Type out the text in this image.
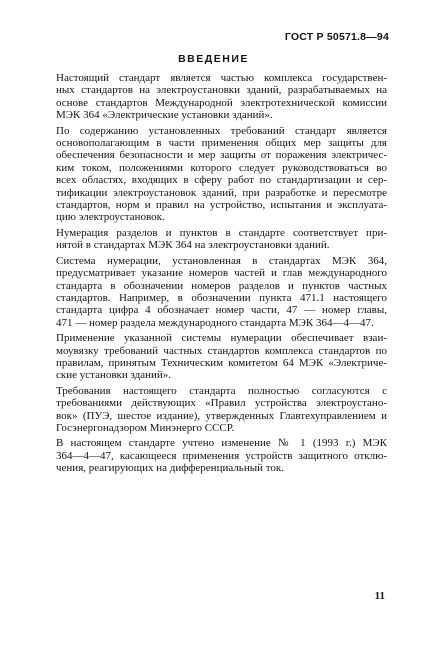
ГОСТ Р 50571.8—94
ВВЕДЕНИЕ
Настоящий стандарт является частью комплекса государствен-
ных стандартов на электроустановки зданий, разрабатываемых на
основе стандартов Международной электротехнической комиссии
МЭК 364 «Электрические установки зданий».
По содержанию установленных требований стандарт является
основополагающим в части применения общих мер защиты для
обеспечения безопасности и мер защиты от поражения электричес-
ким током, положениями которого следует руководствоваться во
всех областях, входящих в сферу работ по стандартизации и сер-
тификации электроустановок зданий, при разработке и пересмотре
стандартов, норм и правил на устройство, испытания и эксплуата-
цию электроустановок.
Нумерация разделов и пунктов в стандарте соответствует при-
нятой в стандартах МЭК 364 на электроустановки зданий.
Система нумерации, установленная в стандартах МЭК 364,
предусматривает указание номеров частей и глав международного
стандарта в обозначении номеров разделов и пунктов частных
стандартов. Например, в обозначении пункта 471.1 настоящего
стандарта цифра 4 обозначает номер части, 47 — номер главы,
471 — номер раздела международного стандарта МЭК 364—4—47.
Применение указанной системы нумерации обеспечивает взаи-
моувязку требований частных стандартов комплекса стандартов по
правилам, принятым Техническим комитетом 64 МЭК «Электриче-
ские установки зданий».
Требования настоящего стандарта полностью согласуются с
требованиями действующих «Правил устройства электроустано-
вок» (ПУЭ, шестое издание), утвержденных Главтехуправлением и
Госэнергонадзором Минэнерго СССР.
В настоящем стандарте учтено изменение № 1 (1993 г.) МЭК
364—4—47, касающееся применения устройств защитного отклю-
чения, реагирующих на дифференциальный ток.
11
